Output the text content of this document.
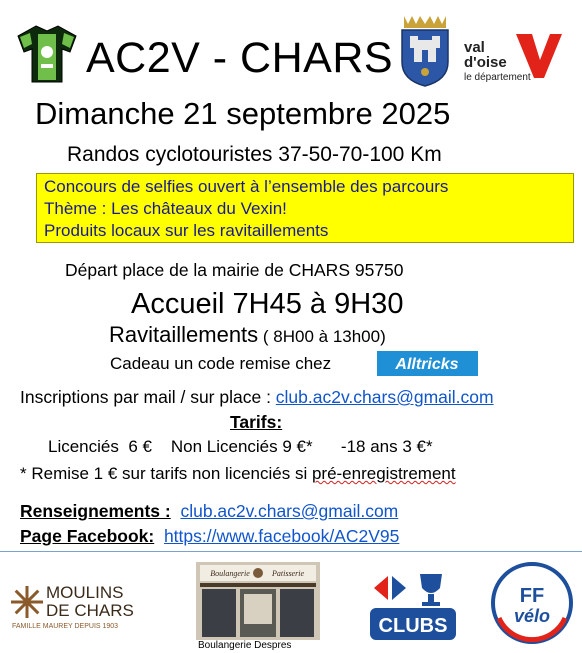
AC2V - CHARS	val
d'oise
le département
Dimanche 21 septembre 2025
Randos cyclotouristes 37-50-70-100 Km
Concours de selfies ouvert à l’ensemble des parcours
Thème : Les châteaux du Vexin!
Produits locaux sur les ravitaillements
Départ place de la mairie de CHARS 95750
Accueil 7H45 à 9H30
Ravitaillements ( 8H00 à 13h00)
Cadeau un code remise chez	Alltricks
Inscriptions par mail / sur place : club.ac2v.chars@gmail.com
Tarifs:
Licenciés  6 €    Non Licenciés 9 €*      -18 ans 3 €*
* Remise 1 € sur tarifs non licenciés si pré-enregistrement
Renseignements : club.ac2v.chars@gmail.com
Page Facebook: https://www.facebook/AC2V95
MOULINS
DE CHARS
FAMILLE MAUREY DEPUIS 1903
Boulangerie	Patisserie
Boulangerie Despres
CLUBS
FF
vélo
